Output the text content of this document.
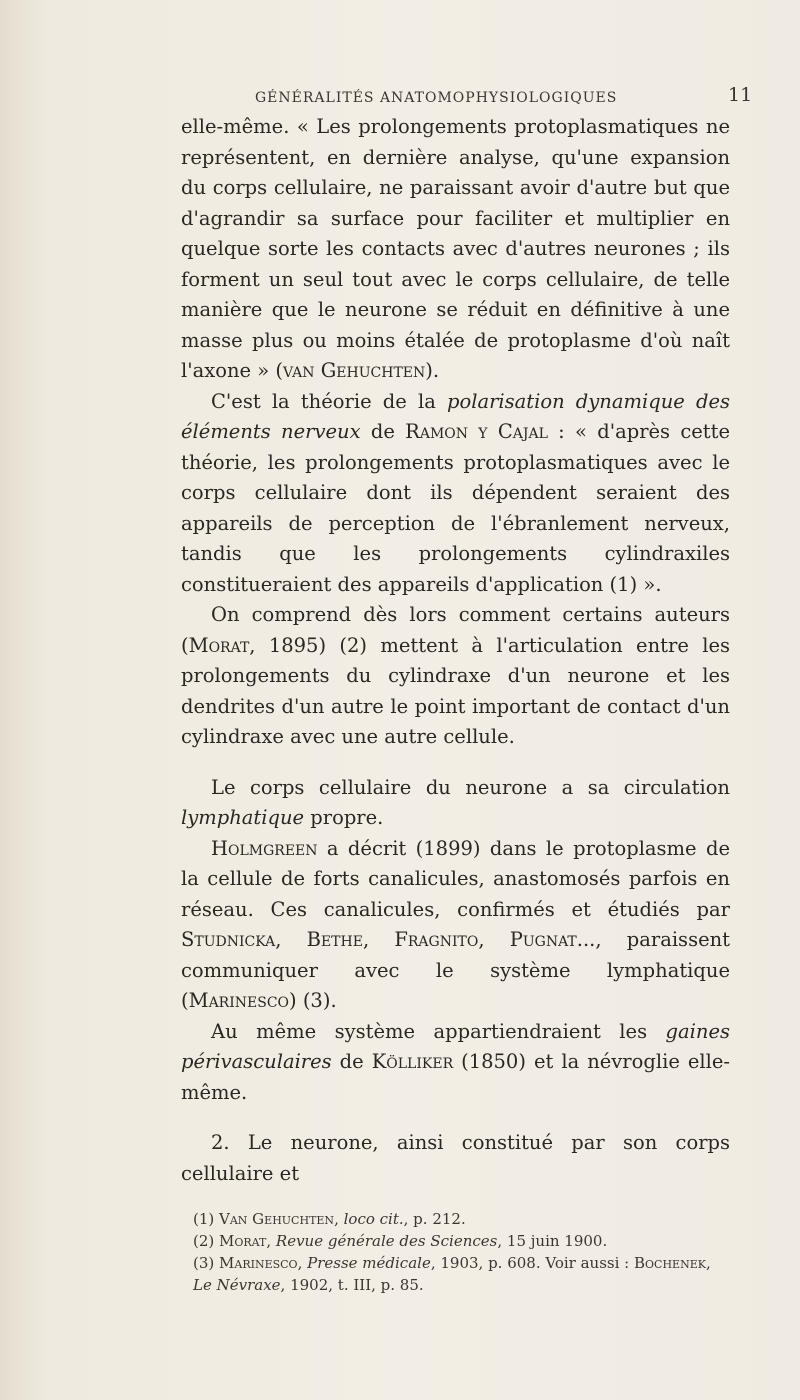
GÉNÉRALITÉS ANATOMOPHYSIOLOGIQUES	11

elle-même. « Les prolongements protoplasmatiques ne représentent, en dernière analyse, qu'une expansion du corps cellulaire, ne paraissant avoir d'autre but que d'agrandir sa surface pour faciliter et multiplier en quelque sorte les contacts avec d'autres neurones ; ils forment un seul tout avec le corps cellulaire, de telle manière que le neurone se réduit en définitive à une masse plus ou moins étalée de protoplasme d'où naît l'axone » (van Gehuchten).

C'est la théorie de la polarisation dynamique des éléments nerveux de Ramon y Cajal : « d'après cette théorie, les prolongements protoplasmatiques avec le corps cellulaire dont ils dépendent seraient des appareils de perception de l'ébranlement nerveux, tandis que les prolongements cylindraxiles constitueraient des appareils d'application (1) ».

On comprend dès lors comment certains auteurs (Morat, 1895) (2) mettent à l'articulation entre les prolongements du cylindraxe d'un neurone et les dendrites d'un autre le point important de contact d'un cylindraxe avec une autre cellule.

Le corps cellulaire du neurone a sa circulation lymphatique propre.

Holmgreen a décrit (1899) dans le protoplasme de la cellule de forts canalicules, anastomosés parfois en réseau. Ces canalicules, confirmés et étudiés par Studnicka, Bethe, Fragnito, Pugnat..., paraissent communiquer avec le système lymphatique (Marinesco) (3).

Au même système appartiendraient les gaines périvasculaires de Kölliker (1850) et la névroglie elle-même.

2. Le neurone, ainsi constitué par son corps cellulaire et

(1) Van Gehuchten, loco cit., p. 212.

(2) Morat, Revue générale des Sciences, 15 juin 1900.

(3) Marinesco, Presse médicale, 1903, p. 608. Voir aussi : Bochenek,
Le Névraxe, 1902, t. III, p. 85.
